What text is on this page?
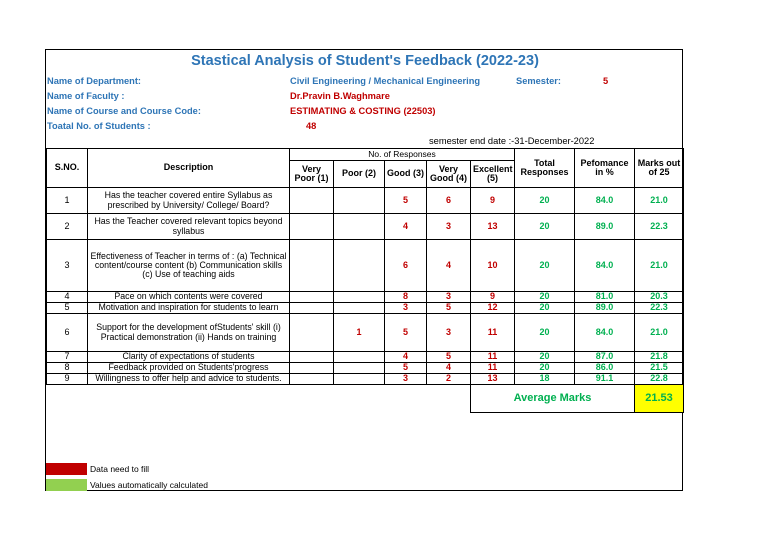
Stastical Analysis of Student's Feedback (2022-23)
Name of Department:	Civil Engineering / Mechanical Engineering	Semester:	5
Name of Faculty :	Dr.Pravin B.Waghmare
Name of Course and Course Code:	ESTIMATING & COSTING (22503)
Toatal No. of Students :	48
semester end date :-31-December-2022
S.NO.	Description	No. of Responses					Total Responses	Pefomance in %	Marks out of 25
		Very Poor (1)	Poor (2)	Good (3)	Very Good (4)	Excellent (5)			
1	Has the teacher covered entire Syllabus as prescribed by University/ College/ Board?			5	6	9	20	84.0	21.0
2	Has the Teacher covered relevant topics beyond syllabus			4	3	13	20	89.0	22.3
3	Effectiveness of Teacher in terms of : (a) Technical content/course content (b) Communication skills (c) Use of teaching aids			6	4	10	20	84.0	21.0
4	Pace on which contents were covered			8	3	9	20	81.0	20.3
5	Motivation and inspiration for students to learn			3	5	12	20	89.0	22.3
6	Support for the development ofStudents' skill (i) Practical demonstration (ii) Hands on training		1	5	3	11	20	84.0	21.0
7	Clarity of expectations of students			4	5	11	20	87.0	21.8
8	Feedback provided on Students'progress			5	4	11	20	86.0	21.5
9	Willingness to offer help and advice to students.			3	2	13	18	91.1	22.8
						Average Marks			21.53
Data need to fill
Values automatically calculated
